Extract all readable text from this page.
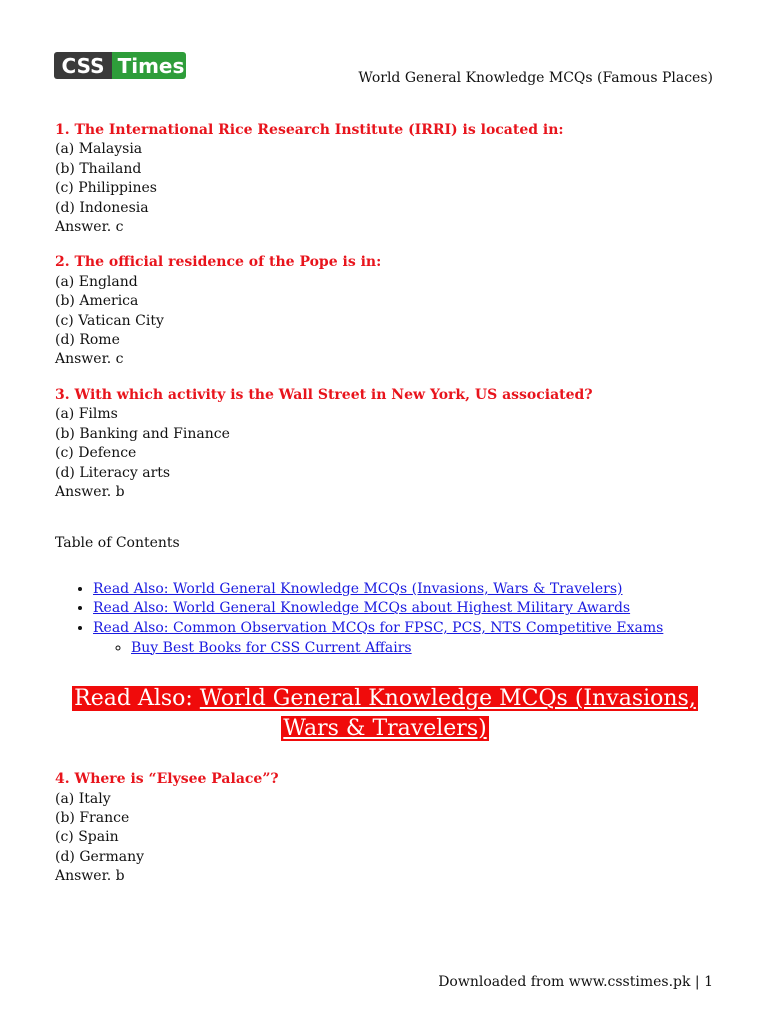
CSS Times
World General Knowledge MCQs (Famous Places)
1. The International Rice Research Institute (IRRI) is located in:
(a) Malaysia
(b) Thailand
(c) Philippines
(d) Indonesia
Answer. c
2. The official residence of the Pope is in:
(a) England
(b) America
(c) Vatican City
(d) Rome
Answer. c
3. With which activity is the Wall Street in New York, US associated?
(a) Films
(b) Banking and Finance
(c) Defence
(d) Literacy arts
Answer. b
Table of Contents
• Read Also: World General Knowledge MCQs (Invasions, Wars & Travelers)
• Read Also: World General Knowledge MCQs about Highest Military Awards
• Read Also: Common Observation MCQs for FPSC, PCS, NTS Competitive Exams
◦ Buy Best Books for CSS Current Affairs
Read Also: World General Knowledge MCQs (Invasions,
Wars & Travelers)
4. Where is “Elysee Palace”?
(a) Italy
(b) France
(c) Spain
(d) Germany
Answer. b
Downloaded from www.csstimes.pk | 1
